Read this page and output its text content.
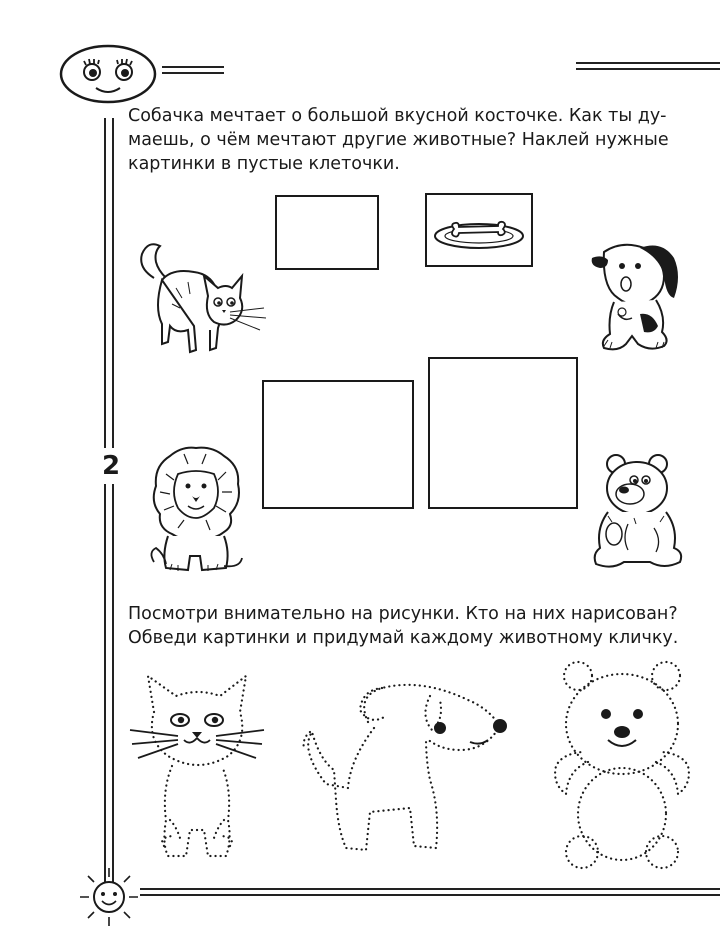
2
Собачка мечтает о большой вкусной косточке. Как ты ду-
маешь, о чём мечтают другие животные? Наклей нужные
картинки в пустые клеточки.
Посмотри внимательно на рисунки. Кто на них нарисован?
Обведи картинки и придумай каждому животному кличку.
